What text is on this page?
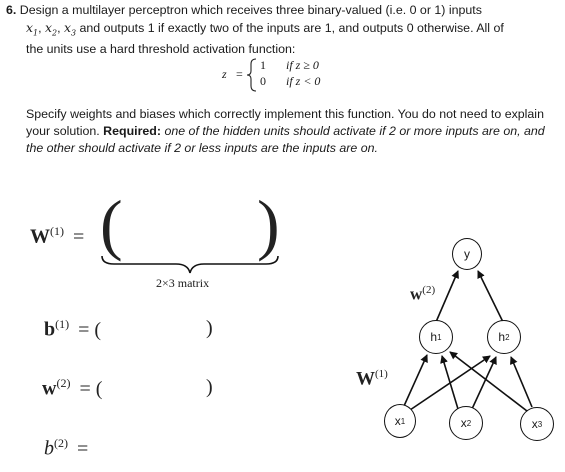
6. Design a multilayer perceptron which receives three binary-valued (i.e. 0 or 1) inputs

$x_1$, $x_2$, $x_3$ and outputs 1 if exactly two of the inputs are 1, and outputs 0 otherwise. All of

the units use a hard threshold activation function:

z =
1 if z ≥ 0
0 if z < 0
Specify weights and biases which correctly implement this function. You do not need to explain your solution. Required: one of the hidden units should activate if 2 or more inputs are on, and the other should activate if 2 or less inputs are the inputs are on.
$W^{(1)}$ = ( )
2×3 matrix
$b^{(1)}$ = (	)
$w^{(2)}$ = (	)
$b^{(2)}$ =
y
h 1	h 2
x 1	x 2	x 3
$w^{(2)}$
$W^{(1)}$
